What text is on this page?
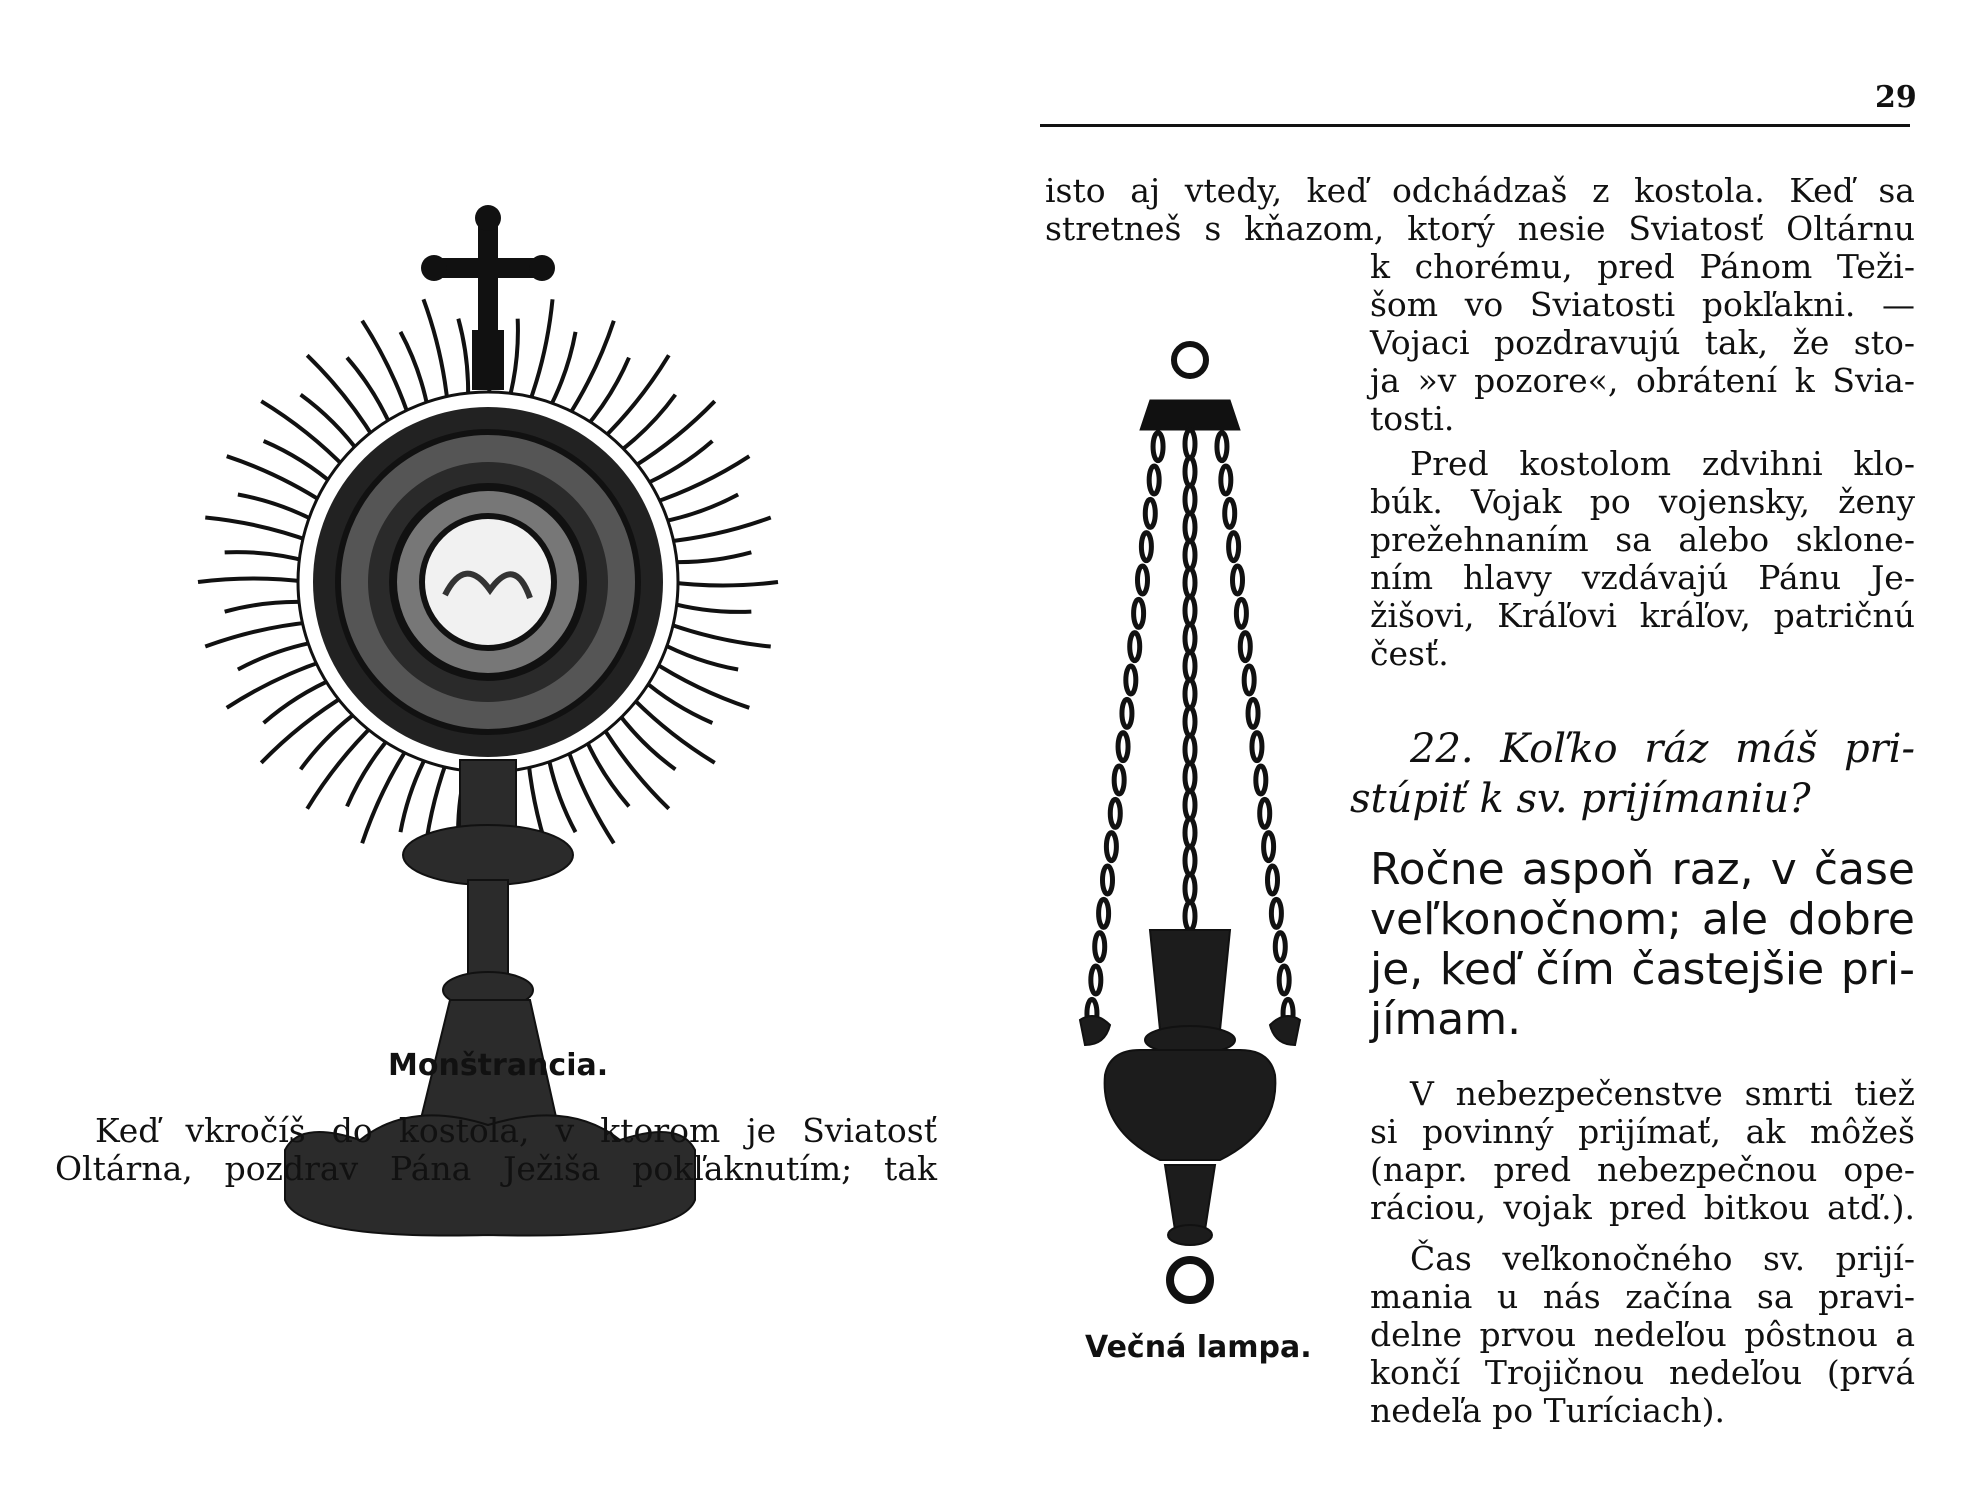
Monštrancia.
Keď vkročíš do kostola, v ktorom je Sviatosť
Oltárna, pozdrav Pána Ježiša pokľaknutím; tak
29
isto aj vtedy, keď odchádzaš z kostola. Keď sa
stretneš s kňazom, ktorý nesie Sviatosť Oltárnu
k chorému, pred Pánom Teži-
šom vo Sviatosti pokľakni. —
Vojaci pozdravujú tak, že sto-
ja »v pozore«, obrátení k Svia-
tosti.
Pred kostolom zdvihni klo-
búk. Vojak po vojensky, ženy
prežehnaním sa alebo sklone-
ním hlavy vzdávajú Pánu Je-
žišovi, Kráľovi kráľov, patričnú
česť.
22. Koľko ráz máš pri-
stúpiť k sv. prijímaniu?
Ročne aspoň raz, v čase
veľkonočnom; ale dobre
je, keď čím častejšie pri-
jímam.
V nebezpečenstve smrti tiež
si povinný prijímať, ak môžeš
(napr. pred nebezpečnou ope-
ráciou, vojak pred bitkou atď.).
Čas veľkonočného sv. prijí-
mania u nás začína sa pravi-
delne prvou nedeľou pôstnou a
končí Trojičnou nedeľou (prvá
nedeľa po Turíciach).
Večná lampa.
